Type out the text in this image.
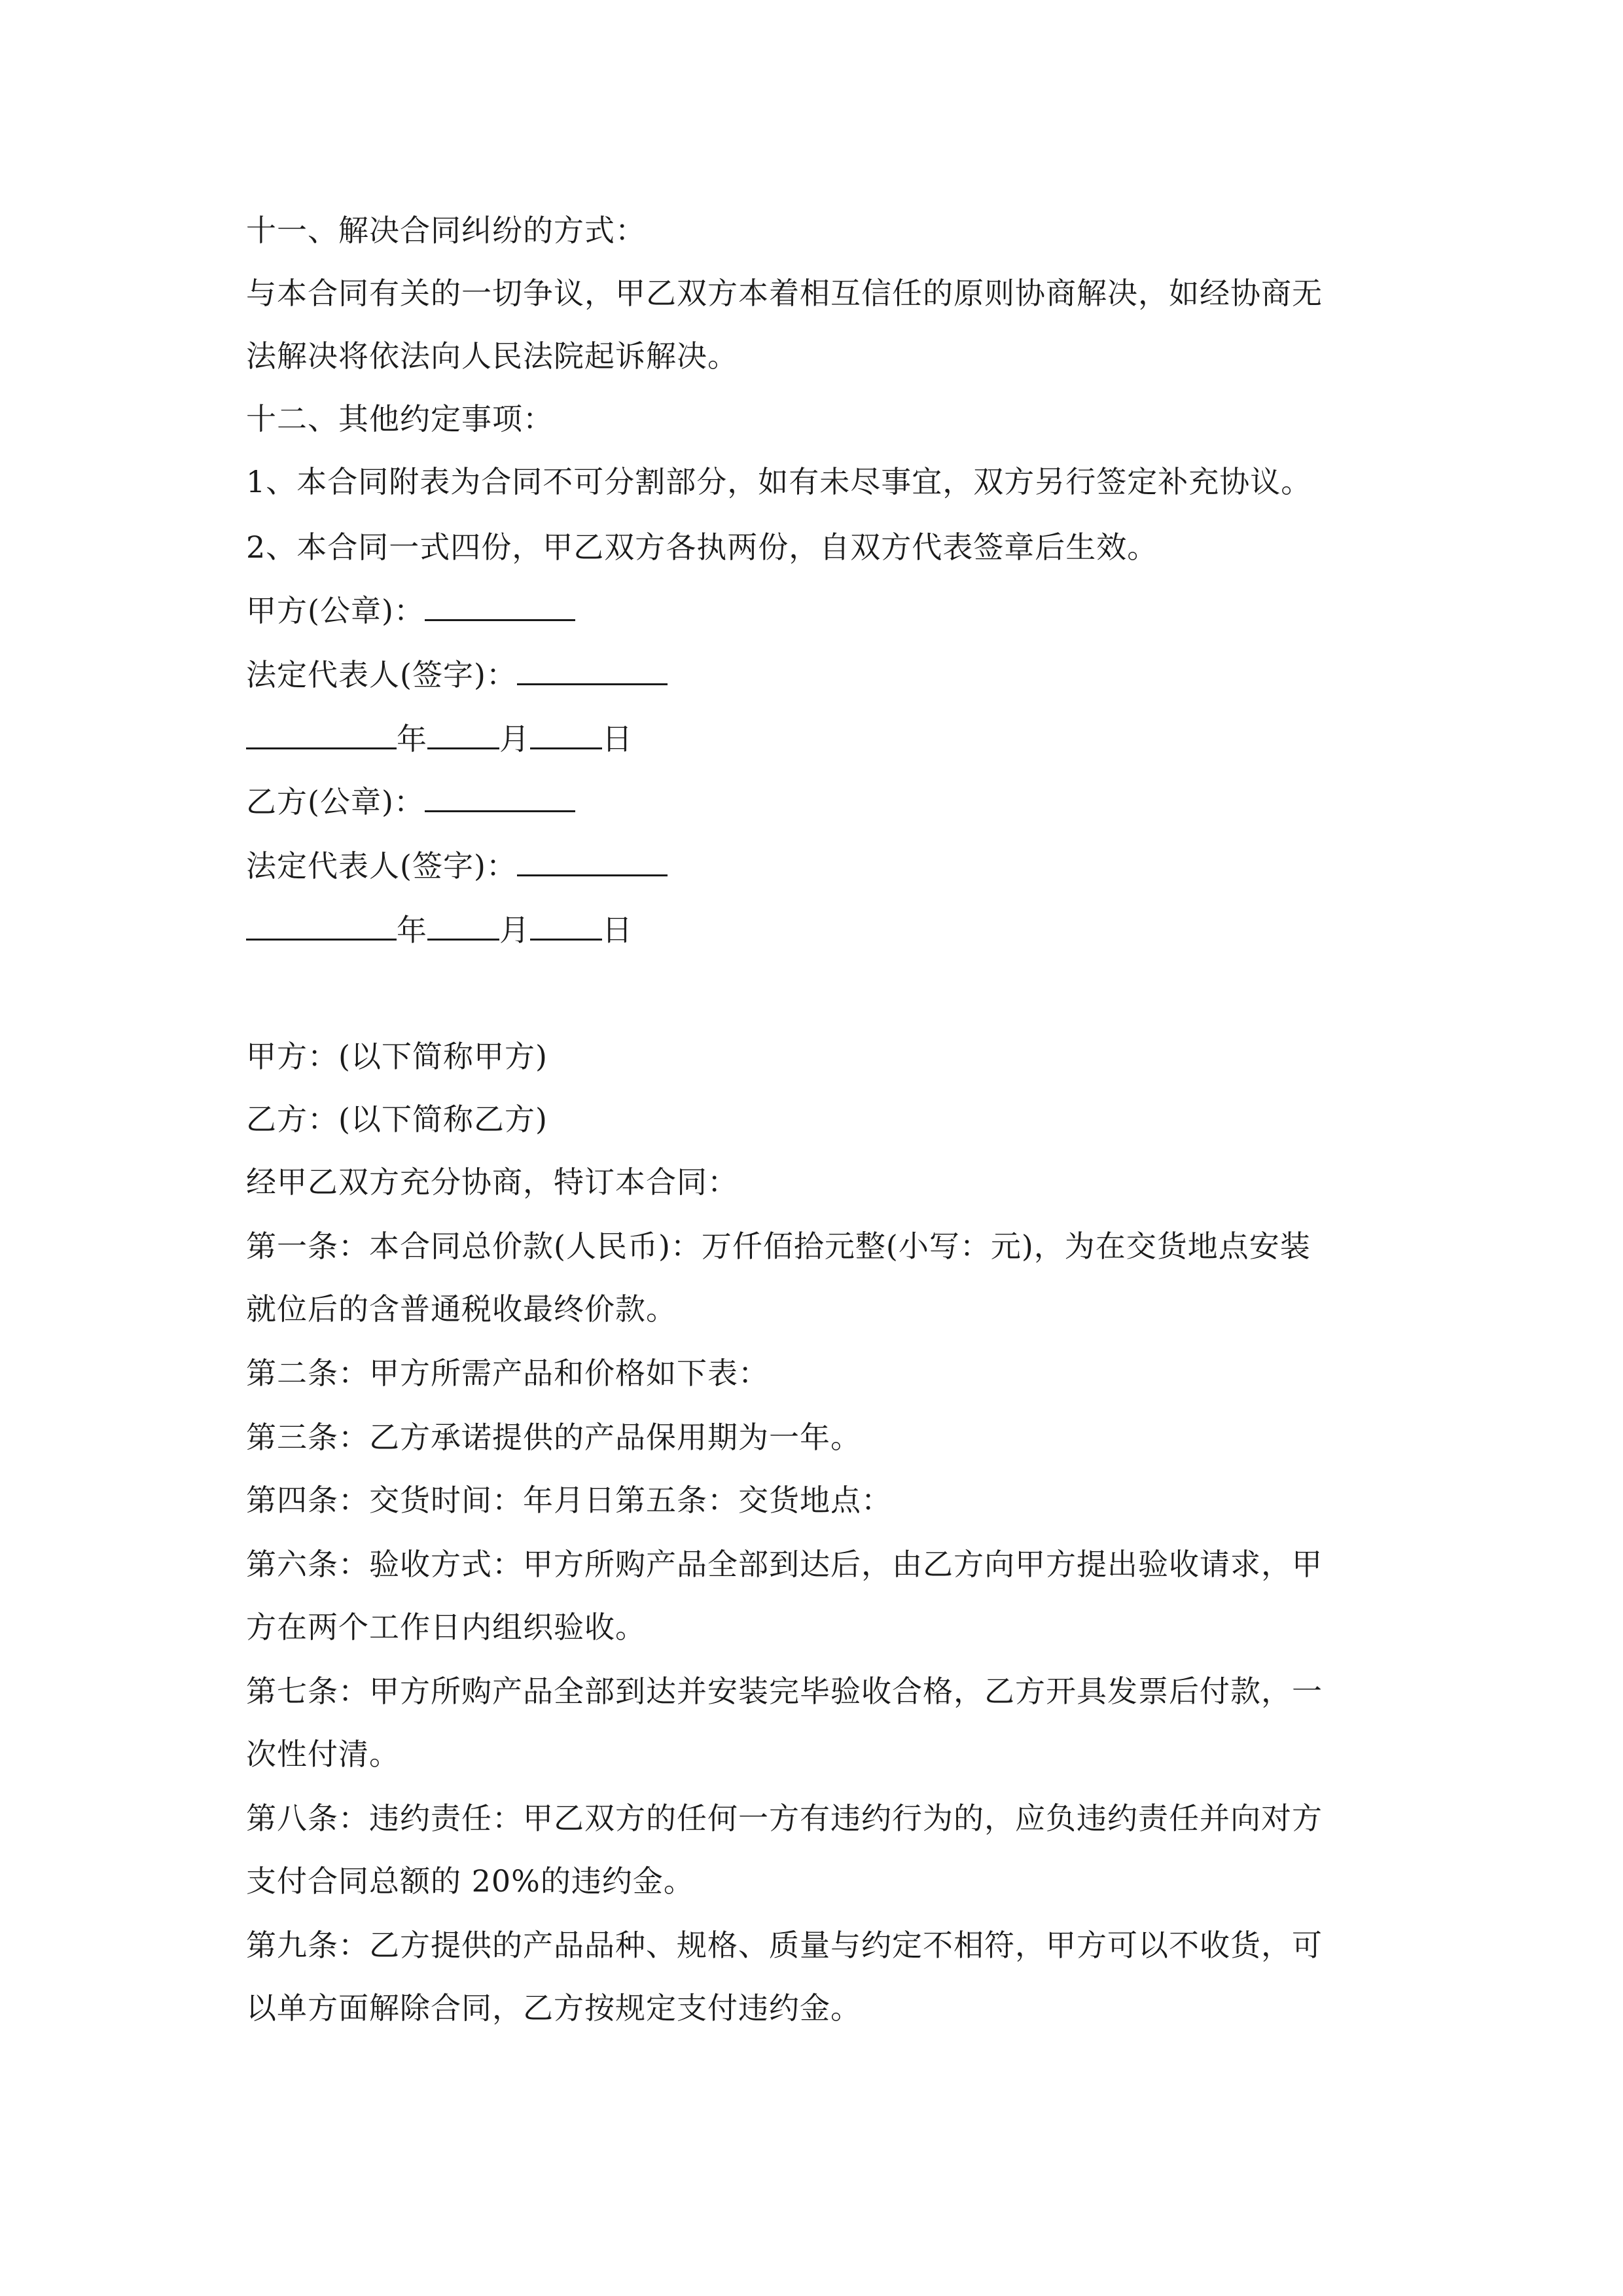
十一、解决合同纠纷的方式：
与本合同有关的一切争议，甲乙双方本着相互信任的原则协商解决，如经协商无
法解决将依法向人民法院起诉解决。
十二、其他约定事项：
1、本合同附表为合同不可分割部分，如有未尽事宜，双方另行签定补充协议。
2、本合同一式四份，甲乙双方各执两份，自双方代表签章后生效。
甲方(公章)：
法定代表人(签字)：
年 月 日
乙方(公章)：
法定代表人(签字)：
年 月 日
甲方：(以下简称甲方)
乙方：(以下简称乙方)
经甲乙双方充分协商，特订本合同：
第一条：本合同总价款(人民币)：万仟佰拾元整(小写：元)，为在交货地点安装
就位后的含普通税收最终价款。
第二条：甲方所需产品和价格如下表：
第三条：乙方承诺提供的产品保用期为一年。
第四条：交货时间：年月日第五条：交货地点：
第六条：验收方式：甲方所购产品全部到达后，由乙方向甲方提出验收请求，甲
方在两个工作日内组织验收。
第七条：甲方所购产品全部到达并安装完毕验收合格，乙方开具发票后付款，一
次性付清。
第八条：违约责任：甲乙双方的任何一方有违约行为的，应负违约责任并向对方
支付合同总额的 20%的违约金。
第九条：乙方提供的产品品种、规格、质量与约定不相符，甲方可以不收货，可
以单方面解除合同，乙方按规定支付违约金。
